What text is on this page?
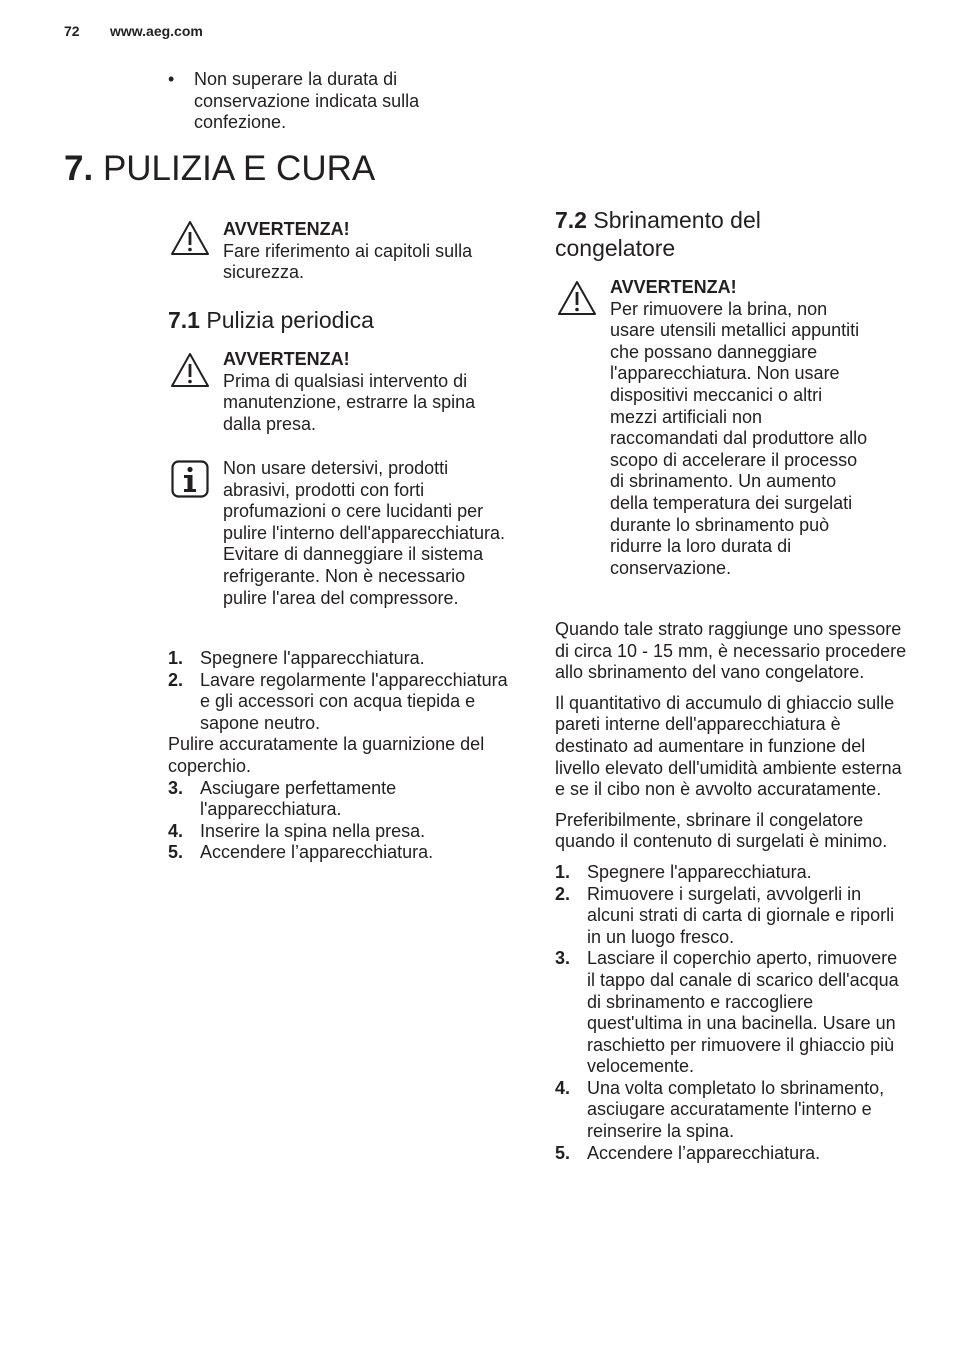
72 www.aeg.com
• Non superare la durata di conservazione indicata sulla confezione.
7. PULIZIA E CURA
AVVERTENZA!
Fare riferimento ai capitoli sulla sicurezza.
7.1 Pulizia periodica
AVVERTENZA!
Prima di qualsiasi intervento di manutenzione, estrarre la spina dalla presa.
Non usare detersivi, prodotti abrasivi, prodotti con forti profumazioni o cere lucidanti per pulire l'interno dell'apparecchiatura. Evitare di danneggiare il sistema refrigerante. Non è necessario pulire l'area del compressore.
1. Spegnere l'apparecchiatura.
2. Lavare regolarmente l'apparecchiatura e gli accessori con acqua tiepida e sapone neutro.
Pulire accuratamente la guarnizione del coperchio.
3. Asciugare perfettamente l'apparecchiatura.
4. Inserire la spina nella presa.
5. Accendere l’apparecchiatura.
7.2 Sbrinamento del congelatore
AVVERTENZA!
Per rimuovere la brina, non usare utensili metallici appuntiti che possano danneggiare l'apparecchiatura. Non usare dispositivi meccanici o altri mezzi artificiali non raccomandati dal produttore allo scopo di accelerare il processo di sbrinamento. Un aumento della temperatura dei surgelati durante lo sbrinamento può ridurre la loro durata di conservazione.
Quando tale strato raggiunge uno spessore di circa 10 - 15 mm, è necessario procedere allo sbrinamento del vano congelatore.
Il quantitativo di accumulo di ghiaccio sulle pareti interne dell'apparecchiatura è destinato ad aumentare in funzione del livello elevato dell'umidità ambiente esterna e se il cibo non è avvolto accuratamente.
Preferibilmente, sbrinare il congelatore quando il contenuto di surgelati è minimo.
1. Spegnere l'apparecchiatura.
2. Rimuovere i surgelati, avvolgerli in alcuni strati di carta di giornale e riporli in un luogo fresco.
3. Lasciare il coperchio aperto, rimuovere il tappo dal canale di scarico dell'acqua di sbrinamento e raccogliere quest'ultima in una bacinella. Usare un raschietto per rimuovere il ghiaccio più velocemente.
4. Una volta completato lo sbrinamento, asciugare accuratamente l'interno e reinserire la spina.
5. Accendere l’apparecchiatura.
